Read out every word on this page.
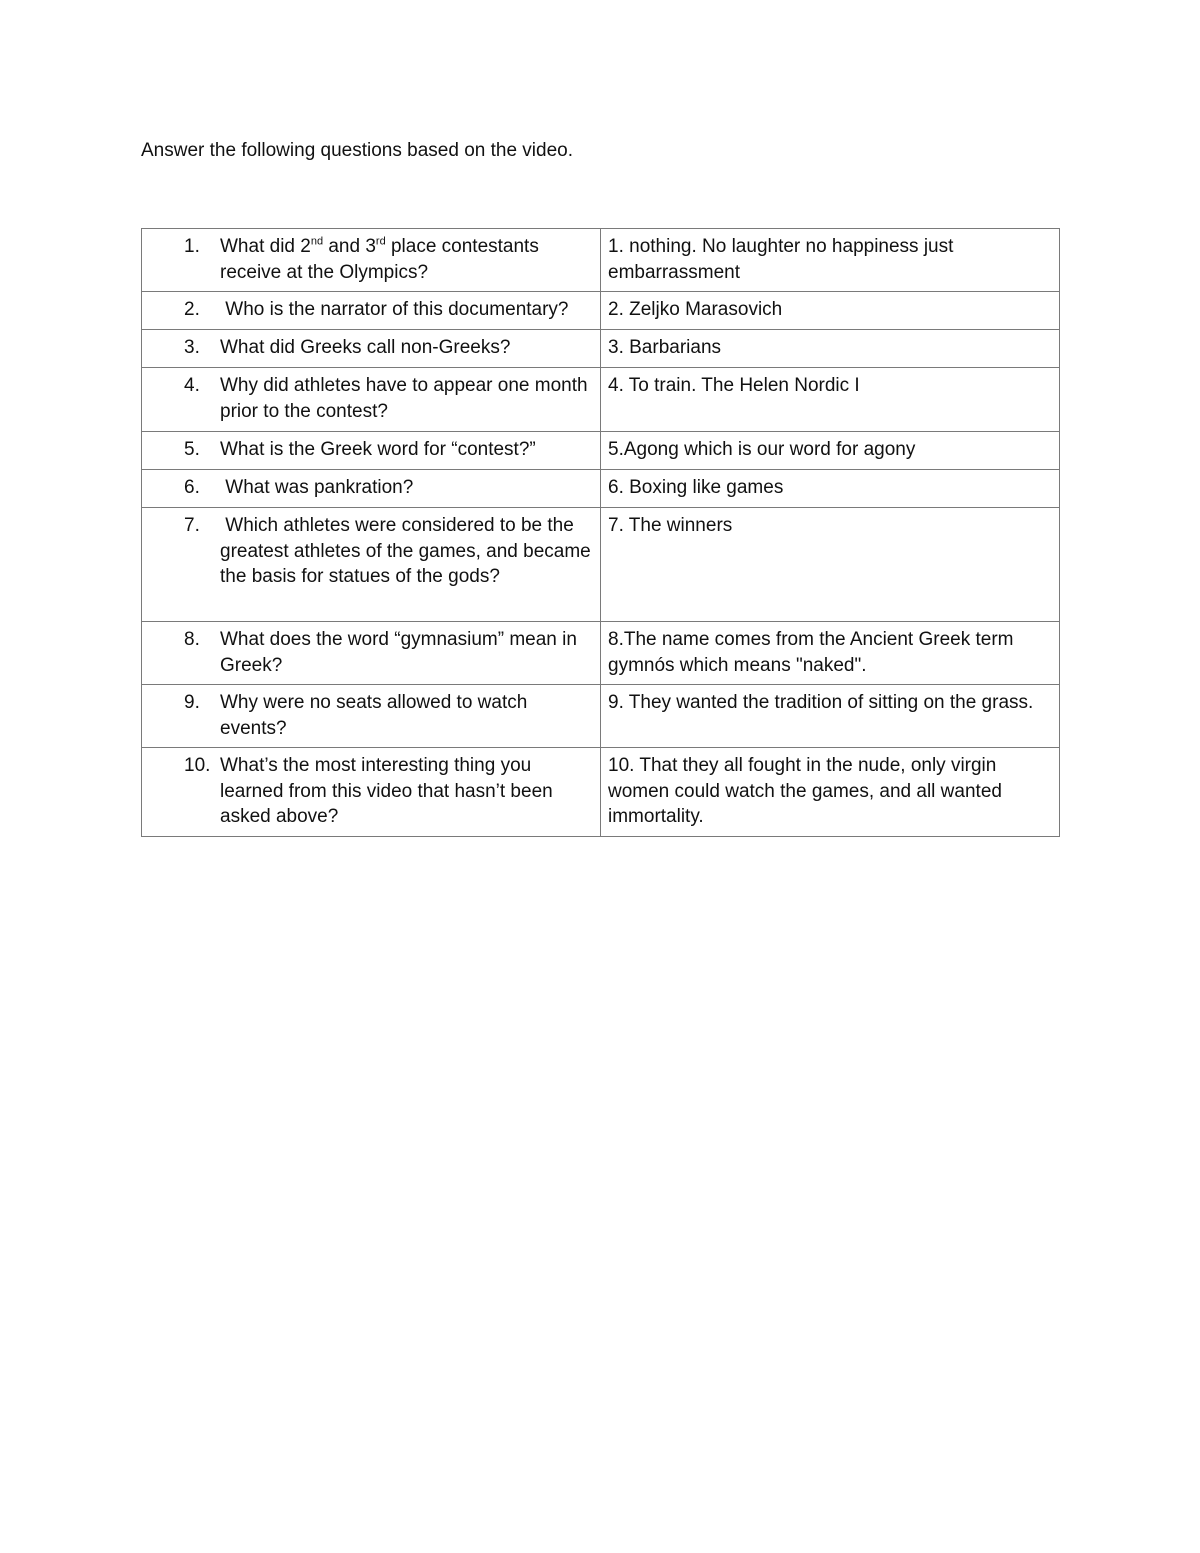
Answer the following questions based on the video.
1. What did 2nd and 3rd place contestants receive at the Olympics?	1. nothing. No laughter no happiness just embarrassment

2. Who is the narrator of this documentary?	2. Zeljko Marasovich

3. What did Greeks call non-Greeks?	3. Barbarians

4. Why did athletes have to appear one month prior to the contest?	4. To train. The Helen Nordic I

5. What is the Greek word for “contest?”	5.Agong which is our word for agony

6. What was pankration?	6. Boxing like games

7. Which athletes were considered to be the greatest athletes of the games, and became the basis for statues of the gods?	7. The winners

8. What does the word “gymnasium” mean in Greek?	8.The name comes from the Ancient Greek term gymnós which means "naked".

9. Why were no seats allowed to watch events?	9. They wanted the tradition of sitting on the grass.

10. What’s the most interesting thing you learned from this video that hasn’t been asked above?	10. That they all fought in the nude, only virgin women could watch the games, and all wanted immortality.
